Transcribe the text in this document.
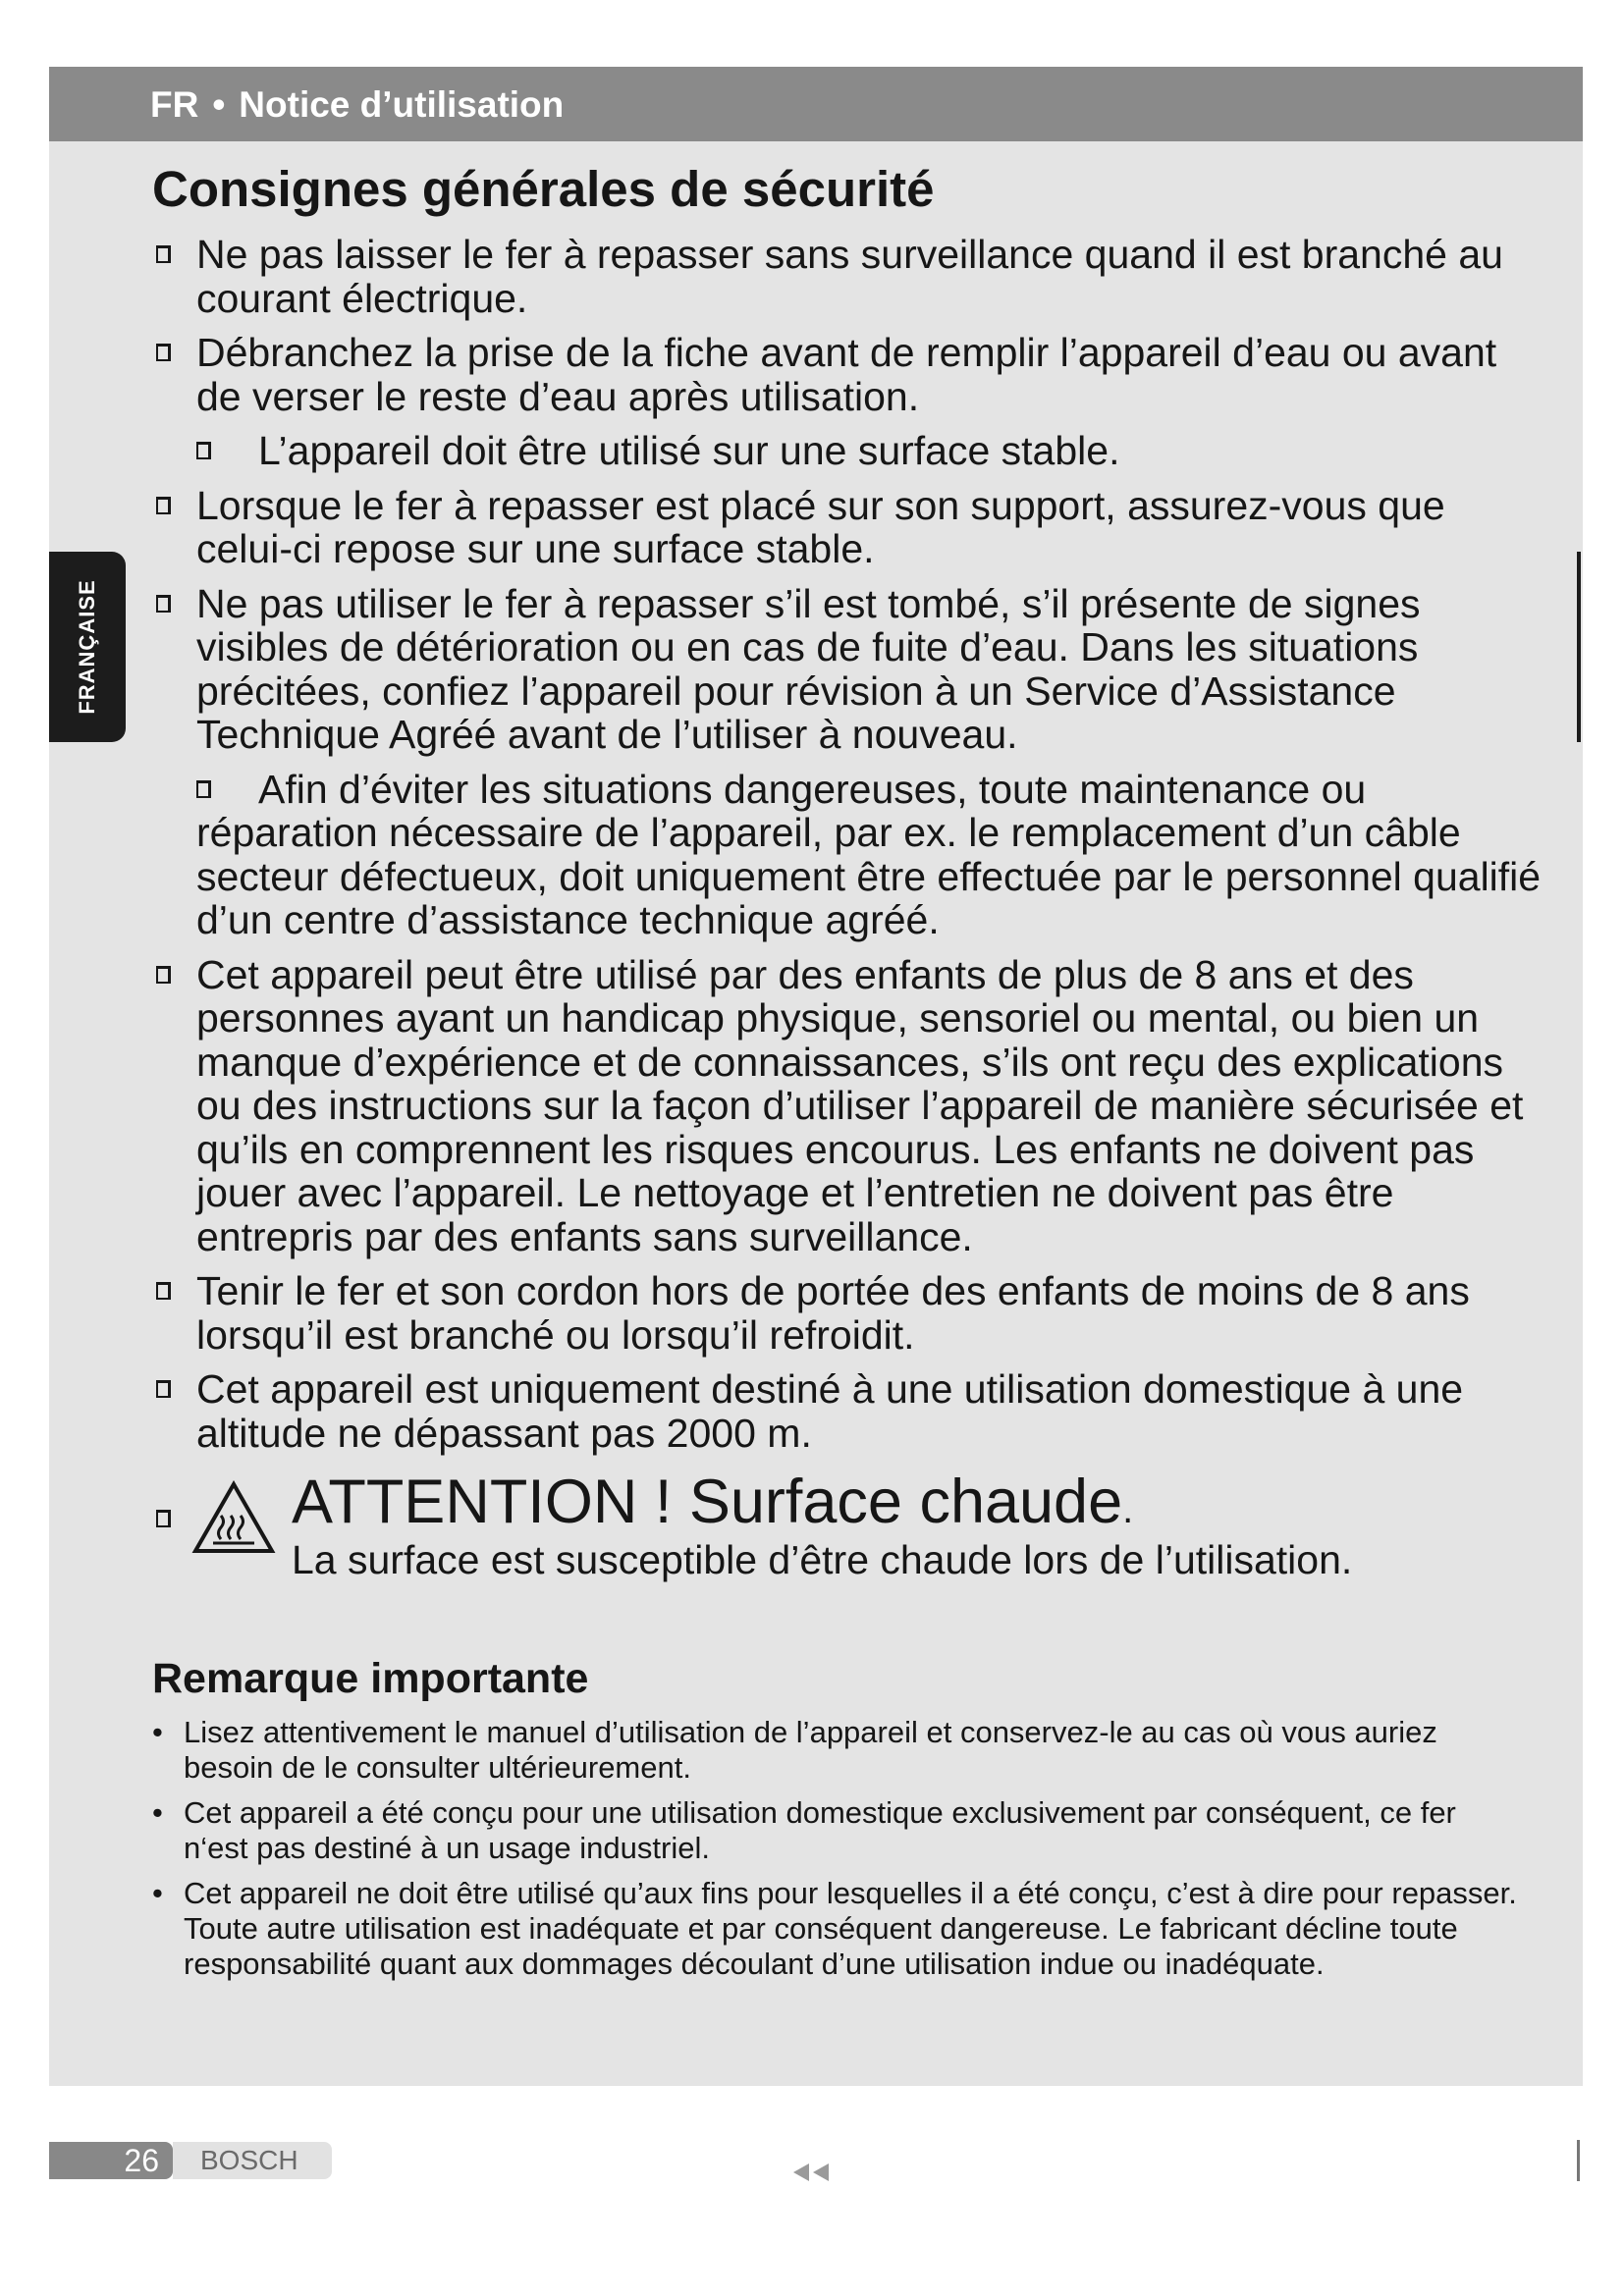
FR • Notice d’utilisation
FRANÇAISE
Consignes générales de sécurité
Ne pas laisser le fer à repasser sans surveillance quand il est branché au courant électrique.
Débranchez la prise de la fiche avant de remplir l’appareil d’eau ou avant de verser le reste d’eau après utilisation.
L’appareil doit être utilisé sur une surface stable.
Lorsque le fer à repasser est placé sur son support, assurez-vous que celui-ci repose sur une surface stable.
Ne pas utiliser le fer à repasser s’il est tombé, s’il présente de signes visibles de détérioration ou en cas de fuite d’eau. Dans les situations précitées, confiez l’appareil pour révision à un Service d’Assistance Technique Agréé avant de l’utiliser à nouveau.
Afin d’éviter les situations dangereuses, toute maintenance ou réparation nécessaire de l’appareil, par ex. le remplacement d’un câble secteur défectueux, doit uniquement être effectuée par le personnel qualifié d’un centre d’assistance technique agréé.
Cet appareil peut être utilisé par des enfants de plus de 8 ans et des personnes ayant un handicap physique, sensoriel ou mental, ou bien un manque d’expérience et de connaissances, s’ils ont reçu des explications ou des instructions sur la façon d’utiliser l’appareil de manière sécurisée et qu’ils en comprennent les risques encourus. Les enfants ne doivent pas jouer avec l’appareil. Le nettoyage et l’entretien ne doivent pas être entrepris par des enfants sans surveillance.
Tenir le fer et son cordon hors de portée des enfants de moins de 8 ans lorsqu’il est branché ou lorsqu’il refroidit.
Cet appareil est uniquement destiné à une utilisation domestique à une altitude ne dépassant pas 2000 m.
ATTENTION ! Surface chaude.
La surface est susceptible d’être chaude lors de l’utilisation.
Remarque importante
• Lisez attentivement le manuel d’utilisation de l’appareil et conservez-le au cas où vous auriez besoin de le consulter ultérieurement.
• Cet appareil a été conçu pour une utilisation domestique exclusivement par conséquent, ce fer n‘est pas destiné à un usage industriel.
• Cet appareil ne doit être utilisé qu’aux fins pour lesquelles il a été conçu, c’est à dire pour repasser. Toute autre utilisation est inadéquate et par conséquent dangereuse. Le fabricant décline toute responsabilité quant aux dommages découlant d’une utilisation indue ou inadéquate.
26	BOSCH
